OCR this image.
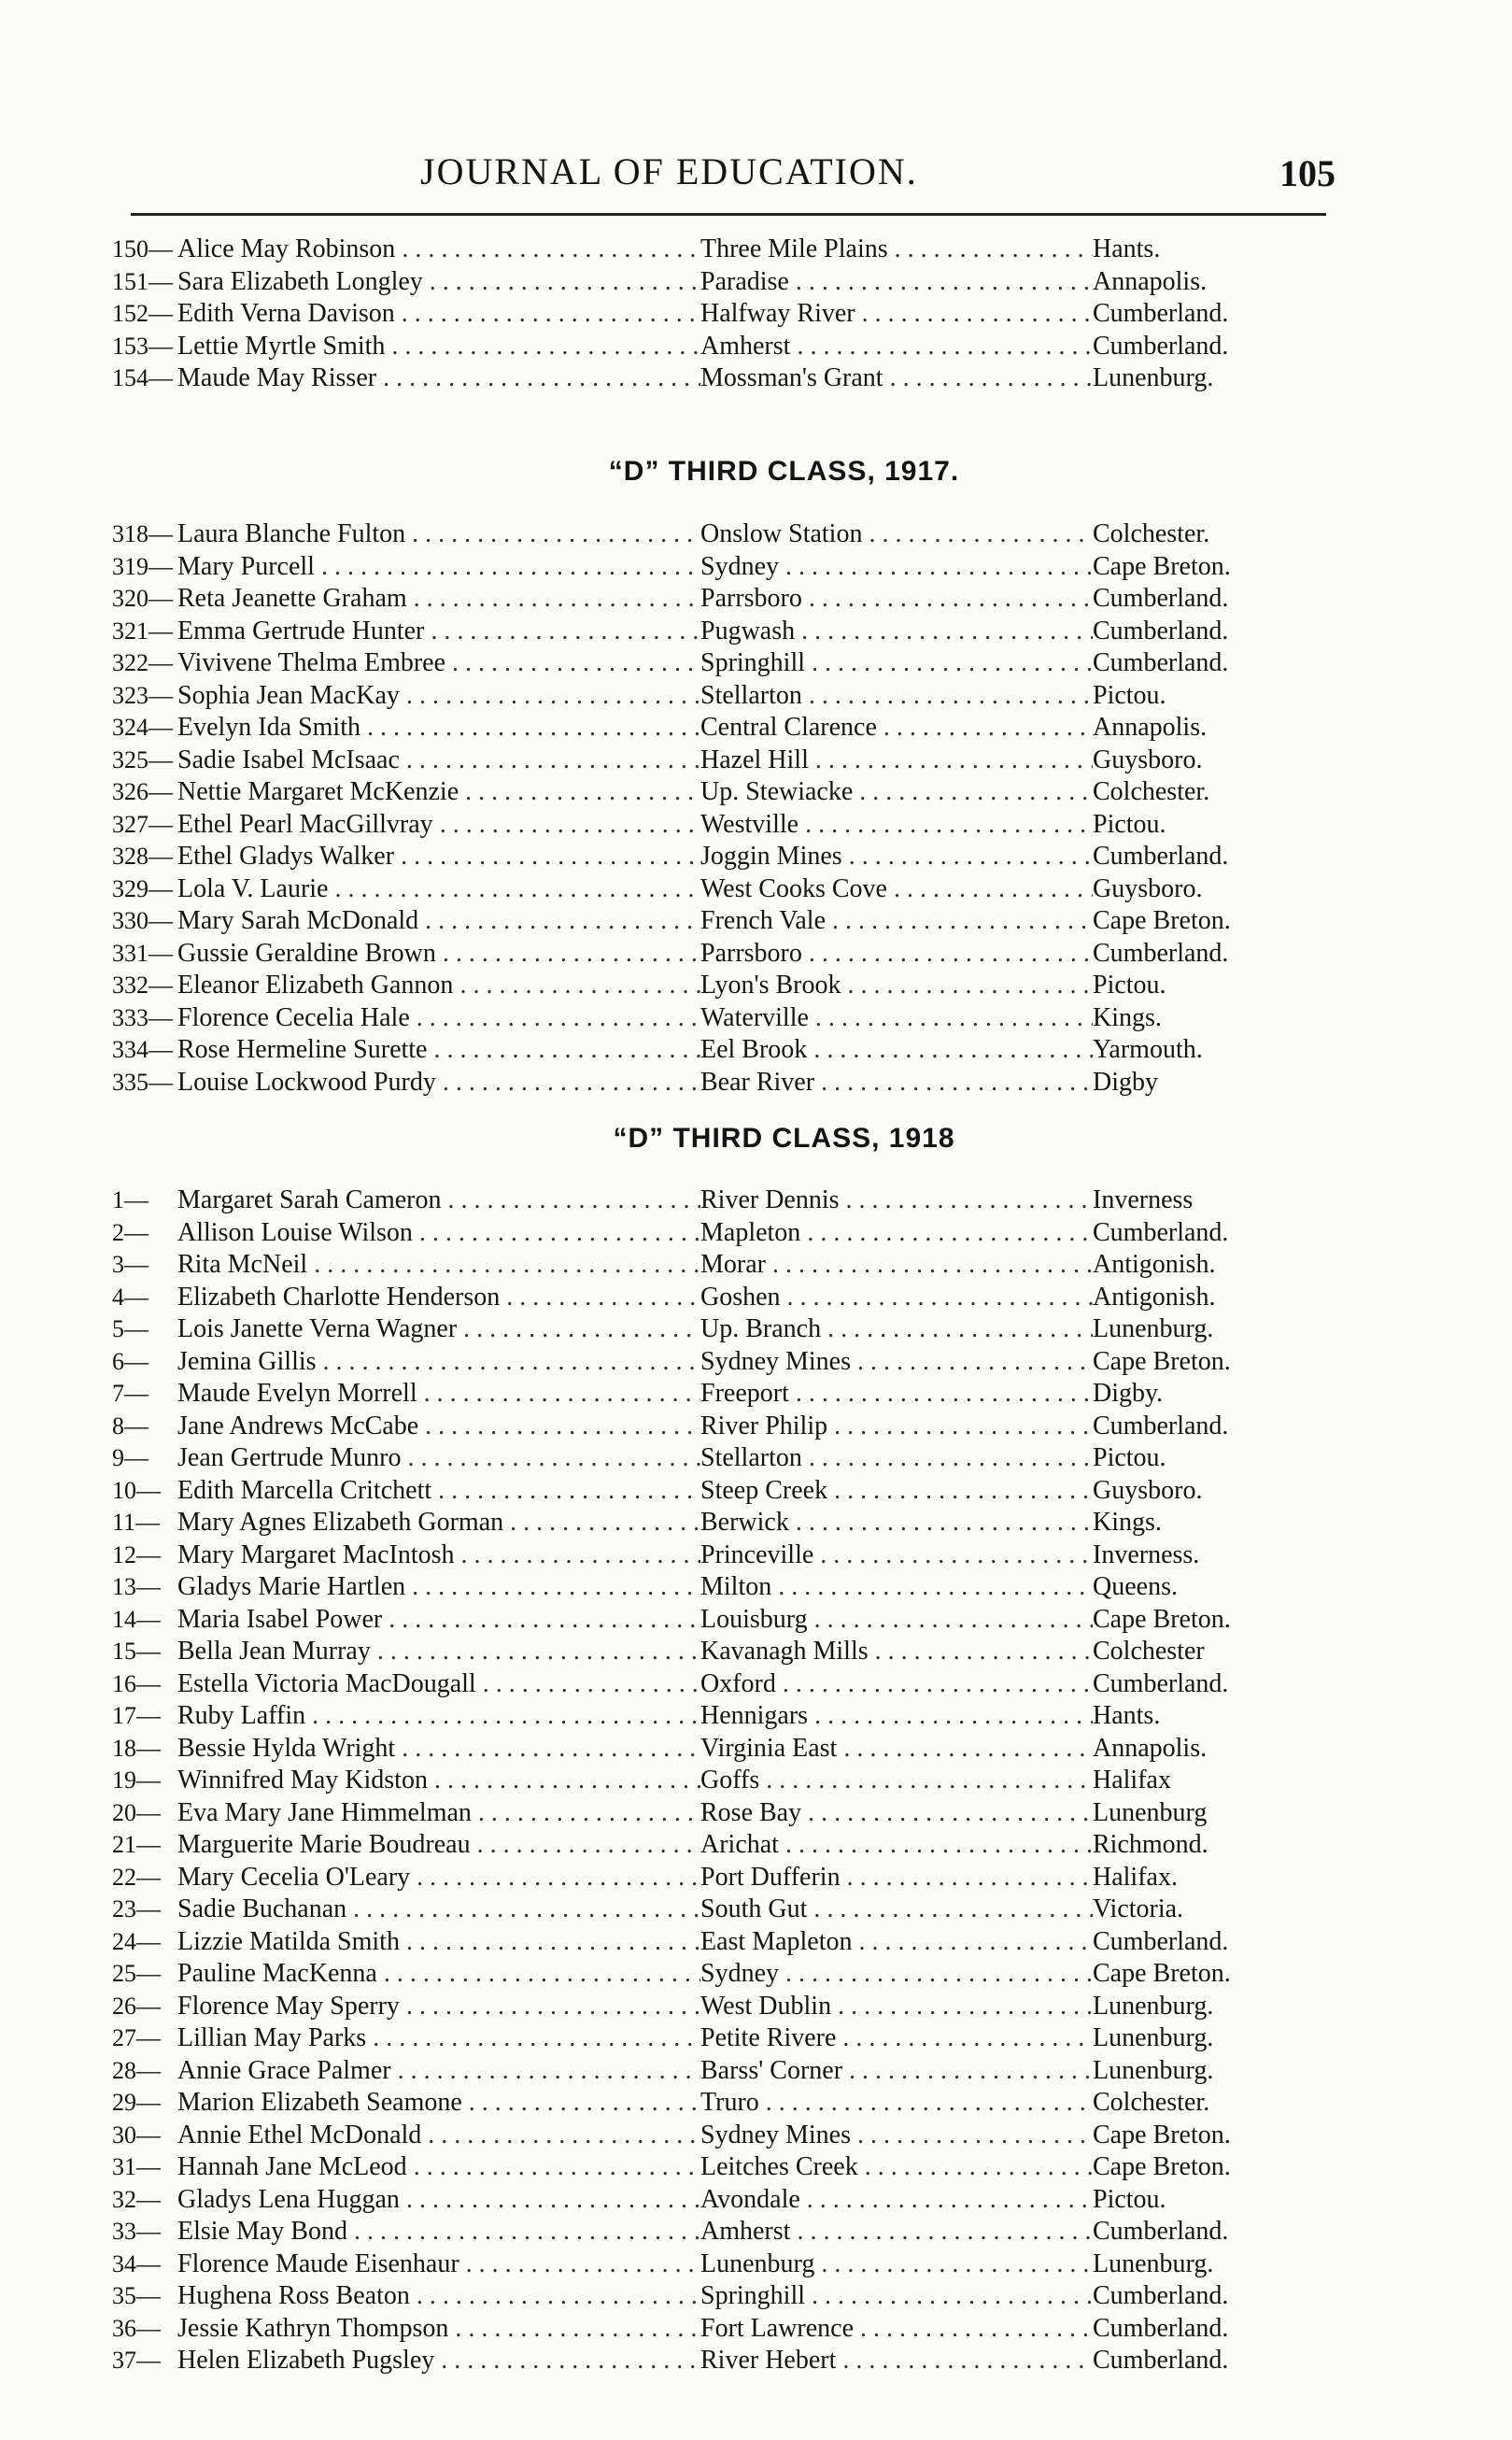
JOURNAL OF EDUCATION.	105
150— Alice May Robinson . . .	Three Mile Plains . . .	Hants.
151— Sara Elizabeth Longley . . .	Paradise . . .	Annapolis.
152— Edith Verna Davison . . .	Halfway River . . .	Cumberland.
153— Lettie Myrtle Smith . . .	Amherst . . .	Cumberland.
154— Maude May Risser . . .	Mossman's Grant . . .	Lunenburg.
“D” THIRD CLASS, 1917.
318— Laura Blanche Fulton . . .	Onslow Station . . .	Colchester.
319— Mary Purcell . . .	Sydney . . .	Cape Breton.
320— Reta Jeanette Graham . . .	Parrsboro . . .	Cumberland.
321— Emma Gertrude Hunter . . .	Pugwash . . .	Cumberland.
322— Vivivene Thelma Embree . . .	Springhill . . .	Cumberland.
323— Sophia Jean MacKay . . .	Stellarton . . .	Pictou.
324— Evelyn Ida Smith . . .	Central Clarence . . .	Annapolis.
325— Sadie Isabel McIsaac . . .	Hazel Hill . . .	Guysboro.
326— Nettie Margaret McKenzie . . .	Up. Stewiacke . . .	Colchester.
327— Ethel Pearl MacGillvray . . .	Westville . . .	Pictou.
328— Ethel Gladys Walker . . .	Joggin Mines . . .	Cumberland.
329— Lola V. Laurie . . .	West Cooks Cove . . .	Guysboro.
330— Mary Sarah McDonald . . .	French Vale . . .	Cape Breton.
331— Gussie Geraldine Brown . . .	Parrsboro . . .	Cumberland.
332— Eleanor Elizabeth Gannon . . .	Lyon's Brook . . .	Pictou.
333— Florence Cecelia Hale . . .	Waterville . . .	Kings.
334— Rose Hermeline Surette . . .	Eel Brook . . .	Yarmouth.
335— Louise Lockwood Purdy . . .	Bear River . . .	Digby
“D” THIRD CLASS, 1918
1—	Margaret Sarah Cameron . . .	River Dennis . . .	Inverness
2—	Allison Louise Wilson . . .	Mapleton . . .	Cumberland.
3—	Rita McNeil . . .	Morar . . .	Antigonish.
4—	Elizabeth Charlotte Henderson . . .	Goshen . . .	Antigonish.
5—	Lois Janette Verna Wagner . . .	Up. Branch . . .	Lunenburg.
6—	Jemina Gillis . . .	Sydney Mines . . .	Cape Breton.
7—	Maude Evelyn Morrell . . .	Freeport . . .	Digby.
8—	Jane Andrews McCabe . . .	River Philip . . .	Cumberland.
9—	Jean Gertrude Munro . . .	Stellarton . . .	Pictou.
10— Edith Marcella Critchett . . .	Steep Creek . . .	Guysboro.
11— Mary Agnes Elizabeth Gorman . . .	Berwick . . .	Kings.
12— Mary Margaret MacIntosh . . .	Princeville . . .	Inverness.
13— Gladys Marie Hartlen . . .	Milton . . .	Queens.
14— Maria Isabel Power . . .	Louisburg . . .	Cape Breton.
15— Bella Jean Murray . . .	Kavanagh Mills . . .	Colchester
16— Estella Victoria MacDougall . . .	Oxford . . .	Cumberland.
17— Ruby Laffin . . .	Hennigars . . .	Hants.
18— Bessie Hylda Wright . . .	Virginia East . . .	Annapolis.
19— Winnifred May Kidston . . .	Goffs . . .	Halifax
20— Eva Mary Jane Himmelman . . .	Rose Bay . . .	Lunenburg
21— Marguerite Marie Boudreau . . .	Arichat . . .	Richmond.
22— Mary Cecelia O'Leary . . .	Port Dufferin . . .	Halifax.
23— Sadie Buchanan . . .	South Gut . . .	Victoria.
24— Lizzie Matilda Smith . . .	East Mapleton . . .	Cumberland.
25— Pauline MacKenna . . .	Sydney . . .	Cape Breton.
26— Florence May Sperry . . .	West Dublin . . .	Lunenburg.
27— Lillian May Parks . . .	Petite Rivere . . .	Lunenburg.
28— Annie Grace Palmer . . .	Barss' Corner . . .	Lunenburg.
29— Marion Elizabeth Seamone . . .	Truro . . .	Colchester.
30— Annie Ethel McDonald . . .	Sydney Mines . . .	Cape Breton.
31— Hannah Jane McLeod . . .	Leitches Creek . . .	Cape Breton.
32— Gladys Lena Huggan . . .	Avondale . . .	Pictou.
33— Elsie May Bond . . .	Amherst . . .	Cumberland.
34— Florence Maude Eisenhaur . . .	Lunenburg . . .	Lunenburg.
35— Hughena Ross Beaton . . .	Springhill . . .	Cumberland.
36— Jessie Kathryn Thompson . . .	Fort Lawrence . . .	Cumberland.
37— Helen Elizabeth Pugsley . . .	River Hebert . . .	Cumberland.
